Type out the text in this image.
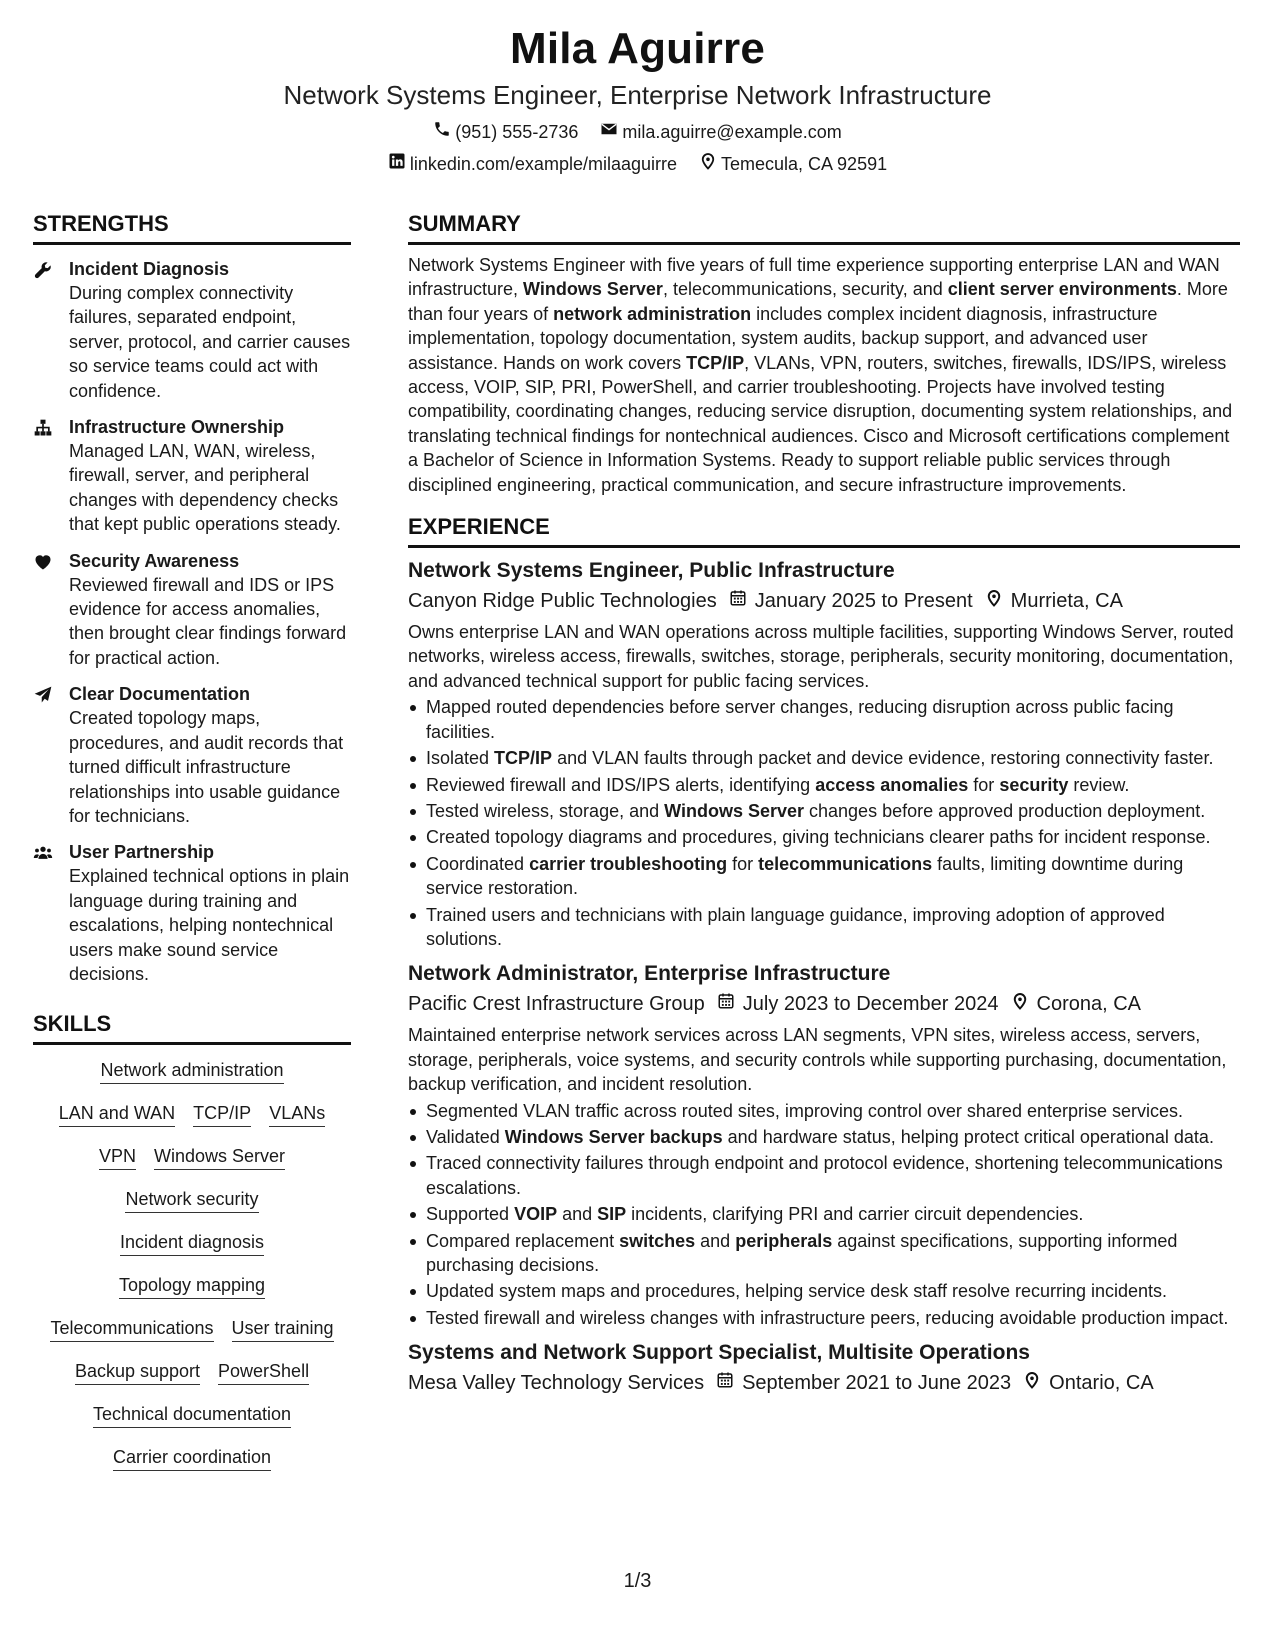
Mila Aguirre
Network Systems Engineer, Enterprise Network Infrastructure
(951) 555-2736 mila.aguirre@example.com
linkedin.com/example/milaaguirre Temecula, CA 92591
STRENGTHS
Incident Diagnosis
During complex connectivity failures, separated endpoint, server, protocol, and carrier causes so service teams could act with confidence.
Infrastructure Ownership
Managed LAN, WAN, wireless, firewall, server, and peripheral changes with dependency checks that kept public operations steady.
Security Awareness
Reviewed firewall and IDS or IPS evidence for access anomalies, then brought clear findings forward for practical action.
Clear Documentation
Created topology maps, procedures, and audit records that turned difficult infrastructure relationships into usable guidance for technicians.
User Partnership
Explained technical options in plain language during training and escalations, helping nontechnical users make sound service decisions.
SKILLS
Network administration
LAN and WAN TCP/IP VLANs
VPN Windows Server
Network security
Incident diagnosis
Topology mapping
Telecommunications User training
Backup support PowerShell
Technical documentation
Carrier coordination
SUMMARY
Network Systems Engineer with five years of full time experience supporting enterprise LAN and WAN infrastructure, Windows Server, telecommunications, security, and client server environments. More than four years of network administration includes complex incident diagnosis, infrastructure implementation, topology documentation, system audits, backup support, and advanced user assistance. Hands on work covers TCP/IP, VLANs, VPN, routers, switches, firewalls, IDS/IPS, wireless access, VOIP, SIP, PRI, PowerShell, and carrier troubleshooting. Projects have involved testing compatibility, coordinating changes, reducing service disruption, documenting system relationships, and translating technical findings for nontechnical audiences. Cisco and Microsoft certifications complement a Bachelor of Science in Information Systems. Ready to support reliable public services through disciplined engineering, practical communication, and secure infrastructure improvements.
EXPERIENCE
Network Systems Engineer, Public Infrastructure
Canyon Ridge Public Technologies January 2025 to Present Murrieta, CA
Owns enterprise LAN and WAN operations across multiple facilities, supporting Windows Server, routed networks, wireless access, firewalls, switches, storage, peripherals, security monitoring, documentation, and advanced technical support for public facing services.
Mapped routed dependencies before server changes, reducing disruption across public facing facilities.
Isolated TCP/IP and VLAN faults through packet and device evidence, restoring connectivity faster.
Reviewed firewall and IDS/IPS alerts, identifying access anomalies for security review.
Tested wireless, storage, and Windows Server changes before approved production deployment.
Created topology diagrams and procedures, giving technicians clearer paths for incident response.
Coordinated carrier troubleshooting for telecommunications faults, limiting downtime during service restoration.
Trained users and technicians with plain language guidance, improving adoption of approved solutions.
Network Administrator, Enterprise Infrastructure
Pacific Crest Infrastructure Group July 2023 to December 2024 Corona, CA
Maintained enterprise network services across LAN segments, VPN sites, wireless access, servers, storage, peripherals, voice systems, and security controls while supporting purchasing, documentation, backup verification, and incident resolution.
Segmented VLAN traffic across routed sites, improving control over shared enterprise services.
Validated Windows Server backups and hardware status, helping protect critical operational data.
Traced connectivity failures through endpoint and protocol evidence, shortening telecommunications escalations.
Supported VOIP and SIP incidents, clarifying PRI and carrier circuit dependencies.
Compared replacement switches and peripherals against specifications, supporting informed purchasing decisions.
Updated system maps and procedures, helping service desk staff resolve recurring incidents.
Tested firewall and wireless changes with infrastructure peers, reducing avoidable production impact.
Systems and Network Support Specialist, Multisite Operations
Mesa Valley Technology Services September 2021 to June 2023 Ontario, CA
1/3
